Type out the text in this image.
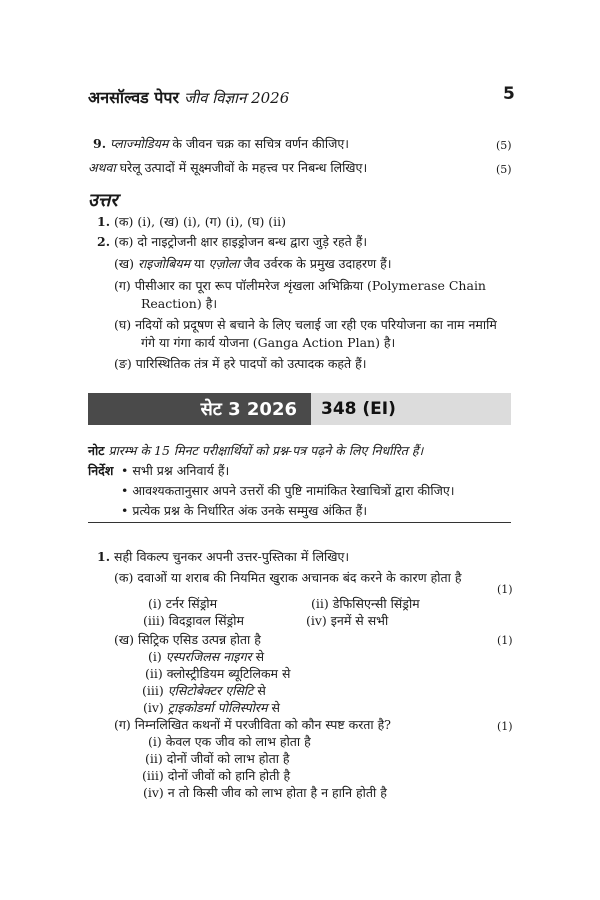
अनसॉल्वड पेपर जीव विज्ञान 2026	5
9. प्लाज्मोडियम के जीवन चक्र का सचित्र वर्णन कीजिए।	(5)
अथवा घरेलू उत्पादों में सूक्ष्मजीवों के महत्त्व पर निबन्ध लिखिए।	(5)
उत्तर
1. (क) (i), (ख) (i), (ग) (i), (घ) (ii)
2. (क) दो नाइट्रोजनी क्षार हाइड्रोजन बन्ध द्वारा जुड़े रहते हैं।
(ख) राइजोबियम या एज़ोला जैव उर्वरक के प्रमुख उदाहरण हैं।
(ग) पीसीआर का पूरा रूप पॉलीमरेज शृंखला अभिक्रिया (Polymerase Chain
Reaction) है।
(घ) नदियों को प्रदूषण से बचाने के लिए चलाई जा रही एक परियोजना का नाम नमामि
गंगे या गंगा कार्य योजना (Ganga Action Plan) है।
(ङ) पारिस्थितिक तंत्र में हरे पादपों को उत्पादक कहते हैं।
सेट 3 2026 348 (EI)
नोट प्रारम्भ के 15 मिनट परीक्षार्थियों को प्रश्न-पत्र पढ़ने के लिए निर्धारित हैं।
निर्देश • सभी प्रश्न अनिवार्य हैं।
• आवश्यकतानुसार अपने उत्तरों की पुष्टि नामांकित रेखाचित्रों द्वारा कीजिए।
• प्रत्येक प्रश्न के निर्धारित अंक उनके सम्मुख अंकित हैं।
1. सही विकल्प चुनकर अपनी उत्तर-पुस्तिका में लिखिए।
(क) दवाओं या शराब की नियमित खुराक अचानक बंद करने के कारण होता है
(1)
(i) टर्नर सिंड्रोम	(ii) डेफिसिएन्सी सिंड्रोम
(iii) विदड्रावल सिंड्रोम	(iv) इनमें से सभी
(ख) सिट्रिक एसिड उत्पन्न होता है	(1)
(i) एस्परजिलस नाइगर से
(ii) क्लोस्ट्रीडियम ब्यूटिलिकम से
(iii) एसिटोबेक्टर एसिटि से
(iv) ट्राइकोडर्मा पोलिस्पोरम से
(ग) निम्नलिखित कथनों में परजीविता को कौन स्पष्ट करता है?	(1)
(i) केवल एक जीव को लाभ होता है
(ii) दोनों जीवों को लाभ होता है
(iii) दोनों जीवों को हानि होती है
(iv) न तो किसी जीव को लाभ होता है न हानि होती है
